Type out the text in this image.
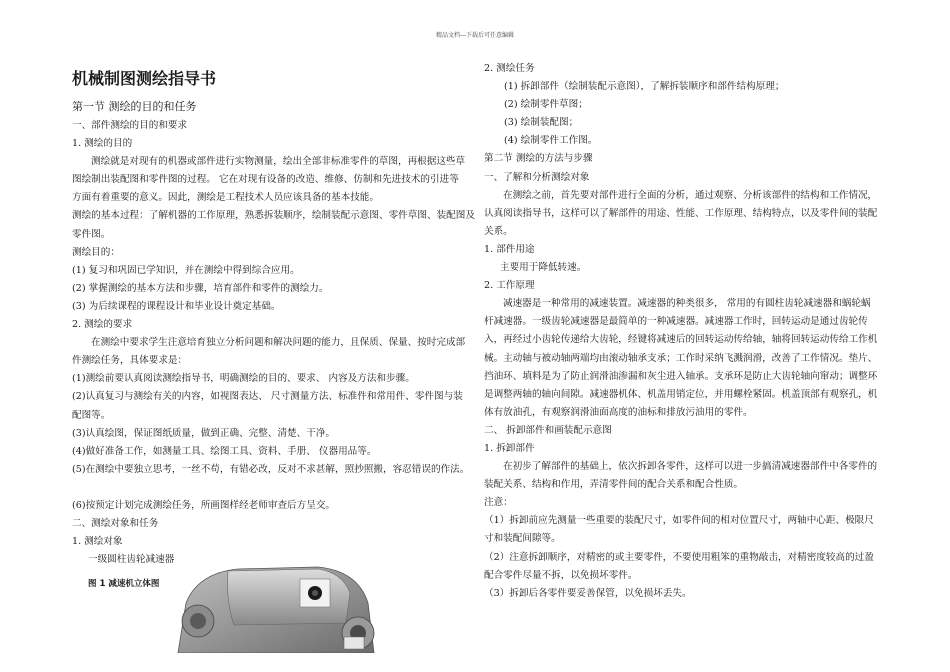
精品文档---下载后可任意编辑

机械制图测绘指导书

第一节 测绘的目的和任务

一、部件测绘的目的和要求

1. 测绘的目的

测绘就是对现有的机器或部件进行实物测量，绘出全部非标准零件的草图，再根据这些草

图绘制出装配图和零件图的过程。 它在对现有设备的改造、维修、仿制和先进技术的引进等

方面有着重要的意义。因此，测绘是工程技术人员应该具备的基本技能。

测绘的基本过程：了解机器的工作原理，熟悉拆装顺序，绘制装配示意图、零件草图、装配图及

零件图。

测绘目的：

(1) 复习和巩固已学知识，并在测绘中得到综合应用。

(2) 掌握测绘的基本方法和步骤，培育部件和零件的测绘力。

(3) 为后续课程的课程设计和毕业设计奠定基础。

2. 测绘的要求

在测绘中要求学生注意培育独立分析问题和解决问题的能力，且保质、保量、按时完成部

件测绘任务，具体要求是：

(1)测绘前要认真阅读测绘指导书，明确测绘的目的、要求、 内容及方法和步骤。

(2)认真复习与测绘有关的内容，如视图表达、 尺寸测量方法、标准件和常用件、零件图与装

配图等。

(3)认真绘图，保证图纸质量，做到正确、完整、清楚、干净。

(4)做好准备工作，如测量工具、绘图工具、资料、手册、 仪器用品等。

(5)在测绘中要独立思考，一丝不苟，有错必改，反对不求甚解，照抄照搬，容忍错误的作法。

(6)按预定计划完成测绘任务，所画图样经老师审查后方呈交。

二、测绘对象和任务

1. 测绘对象

一级圆柱齿轮减速器

图 1 减速机立体图

2. 测绘任务

(1) 拆卸部件（绘制装配示意图），了解拆装顺序和部件结构原理；

(2) 绘制零件草图；

(3) 绘制装配图；

(4) 绘制零件工作图。

第二节 测绘的方法与步骤

一、了解和分析测绘对象

在测绘之前，首先要对部件进行全面的分析，通过观察、分析该部件的结构和工作情况，

认真阅读指导书，这样可以了解部件的用途、性能、工作原理、结构特点，以及零件间的装配

关系。

1. 部件用途

主要用于降低转速。

2. 工作原理

减速器是一种常用的减速装置。减速器的种类很多， 常用的有圆柱齿轮减速器和蜗轮蜗

杆减速器。一级齿轮减速器是最简单的一种减速器。减速器工作时，回转运动是通过齿轮传

入，再经过小齿轮传递给大齿轮，经键将减速后的回转运动传给轴，轴将回转运动传给工作机

械。主动轴与被动轴两端均由滚动轴承支承；工作时采纳飞溅润滑，改善了工作情况。垫片、

挡油环、填料是为了防止润滑油渗漏和灰尘进入轴承。支承环是防止大齿轮轴向窜动；调整环

是调整两轴的轴向间隙。减速器机体、机盖用销定位，并用螺栓紧固。机盖顶部有观察孔，机

体有放油孔，有观察润滑油面高度的油标和排放污油用的零件。

二、 拆卸部件和画装配示意图

1. 拆卸部件

在初步了解部件的基础上，依次拆卸各零件，这样可以进一步搞清减速器部件中各零件的

装配关系、结构和作用，弄清零件间的配合关系和配合性质。

注意：

（1）拆卸前应先测量一些重要的装配尺寸，如零件间的相对位置尺寸，两轴中心距、极限尺

寸和装配间隙等。

（2）注意拆卸顺序，对精密的或主要零件，不要使用粗笨的重物敲击，对精密度较高的过盈

配合零件尽量不拆，以免损坏零件。

（3）拆卸后各零件要妥善保管，以免损坏丢失。
